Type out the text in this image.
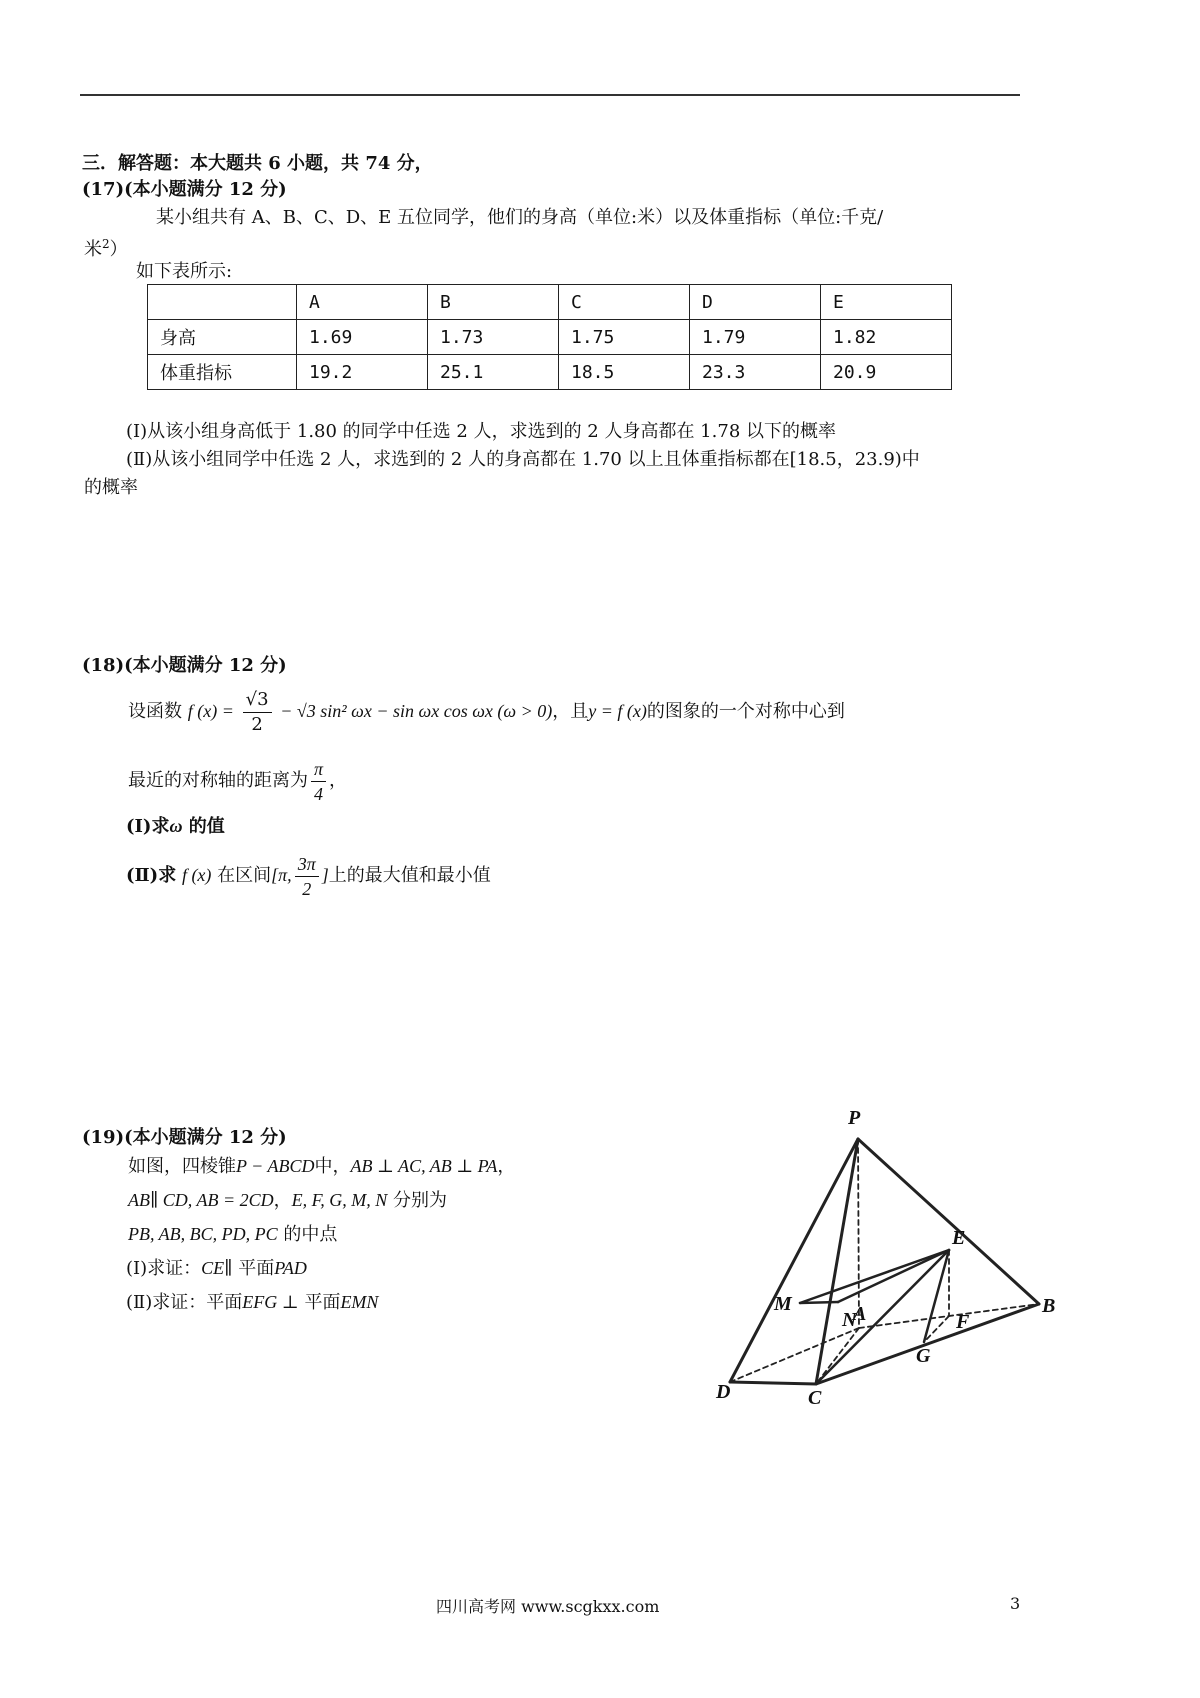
三．解答题：本大题共 6 小题，共 74 分，
(17)(本小题满分 12 分)
某小组共有 A、B、C、D、E 五位同学，他们的身高（单位:米）以及体重指标（单位:千克/
米$^2$）
如下表所示:
	A	B	C	D	E
身高	1.69	1.73	1.75	1.79	1.82
体重指标	19.2	25.1	18.5	23.3	20.9
(Ⅰ)从该小组身高低于 1.80 的同学中任选 2 人，求选到的 2 人身高都在 1.78 以下的概率
(Ⅱ)从该小组同学中任选 2 人，求选到的 2 人的身高都在 1.70 以上且体重指标都在[18.5，23.9)中
的概率
(18)(本小题满分 12 分)
设函数 f $(x) = \frac{√3}{2} - √3$ sin² ωx − sin ωx cos ωx (ω > 0)，且y = f (x)的图象的一个对称中心到
最近的对称轴的距离为 $\frac{\pi}{4}$ ，
(Ⅰ)求ω 的值
(Ⅱ)求 f (x) 在区间[π, $\frac{3\pi}{2}$ ]上的最大值和最小值
(19)(本小题满分 12 分)
如图，四棱锥P − ABCD中，AB ⊥ AC, AB ⊥ PA，
AB∥ CD, AB = 2CD，E, F, G, M, N 分别为
PB, AB, BC, PD, PC 的中点
(Ⅰ)求证：CE∥ 平面PAD
(Ⅱ)求证：平面EFG ⊥ 平面EMN
P
E
M
N
A	F
B
G
D	C
四川高考网 www.scgkxx.com	3
